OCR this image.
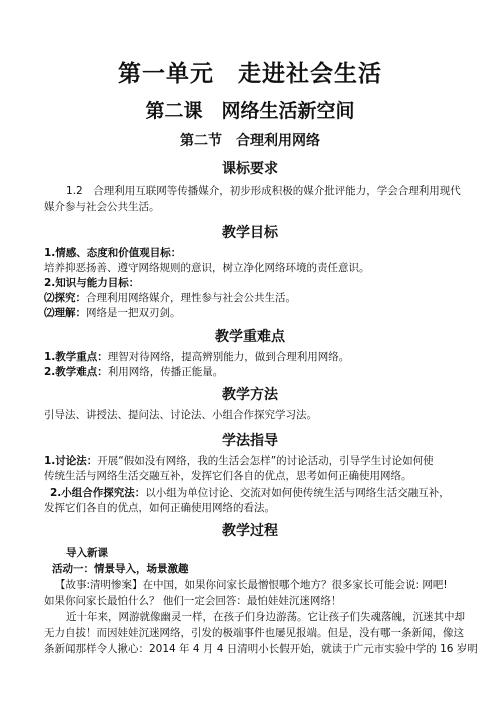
第一单元　走进社会生活
第二课　网络生活新空间
第二节　合理利用网络
课标要求
1.2　合理利用互联网等传播媒介，初步形成积极的媒介批评能力，学会合理利用现代
媒介参与社会公共生活。
教学目标
1.情感、态度和价值观目标：
培养抑恶扬善、遵守网络规则的意识，树立净化网络环境的责任意识。
2.知识与能力目标：
⑵探究：合理利用网络媒介，理性参与社会公共生活。
⑵理解：网络是一把双刃剑。
教学重难点
1.教学重点：理智对待网络，提高辨别能力，做到合理利用网络。
2.教学难点：利用网络，传播正能量。
教学方法
引导法、讲授法、提问法、讨论法、小组合作探究学习法。
学法指导
1.讨论法：开展“假如没有网络，我的生活会怎样”的讨论活动，引导学生讨论如何使
传统生活与网络生活交融互补，发挥它们各自的优点，思考如何正确使用网络。
2.小组合作探究法：以小组为单位讨论、交流对如何使传统生活与网络生活交融互补，
发挥它们各自的优点，如何正确使用网络的看法。
教学过程
导入新课
活动一：情景导入，场景激趣
【故事:清明惨案】在中国，如果你问家长最憎恨哪个地方？很多家长可能会说: 网吧!
如果你问家长最怕什么？ 他们一定会回答：最怕娃娃沉迷网络！
近十年来，网游就像幽灵一样，在孩子们身边游荡。它让孩子们失魂落魄，沉迷其中却
无力自拔！而因娃娃沉迷网络，引发的极端事件也屡见报端。但是，没有哪一条新闻，像这
条新闻那样令人揪心：2014 年 4 月 4 日清明小长假开始，就读于广元市实验中学的 16 岁明
